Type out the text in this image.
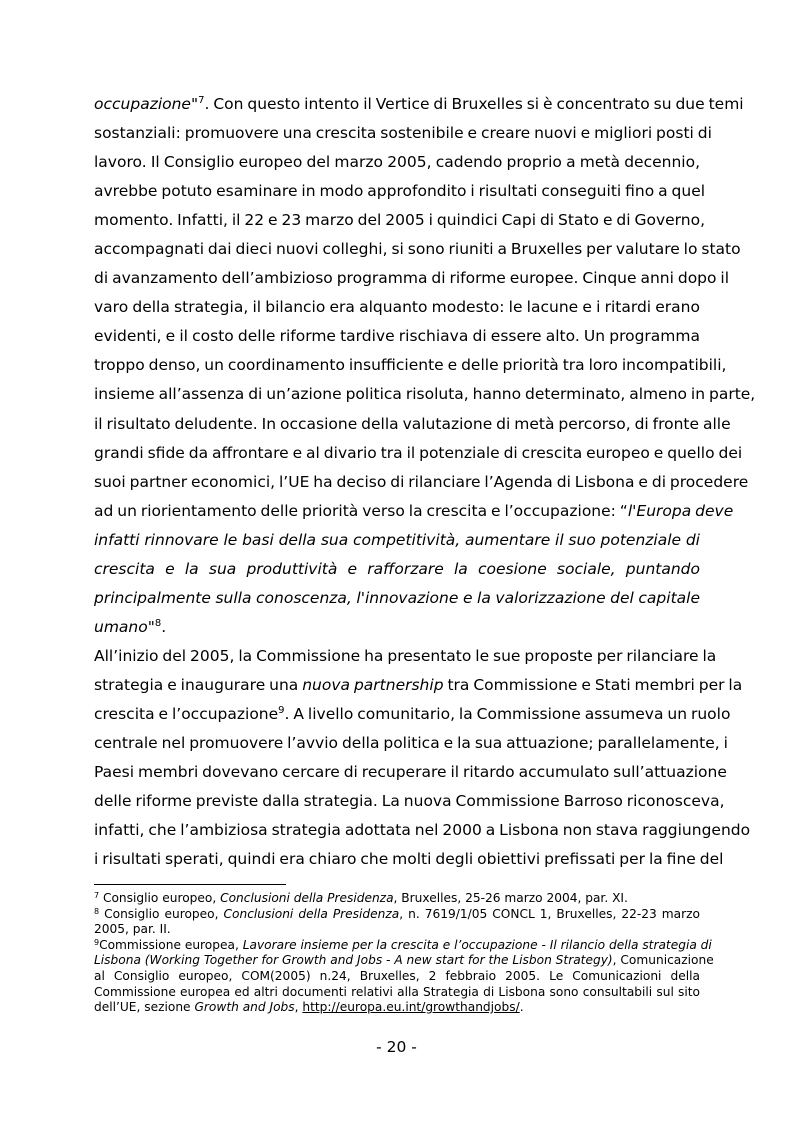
occupazione"$^7$. Con questo intento il Vertice di Bruxelles si è concentrato su due temi
sostanziali: promuovere una crescita sostenibile e creare nuovi e migliori posti di
lavoro. Il Consiglio europeo del marzo 2005, cadendo proprio a metà decennio,
avrebbe potuto esaminare in modo approfondito i risultati conseguiti fino a quel
momento. Infatti, il 22 e 23 marzo del 2005 i quindici Capi di Stato e di Governo,
accompagnati dai dieci nuovi colleghi, si sono riuniti a Bruxelles per valutare lo stato
di avanzamento dell’ambizioso programma di riforme europee. Cinque anni dopo il
varo della strategia, il bilancio era alquanto modesto: le lacune e i ritardi erano
evidenti, e il costo delle riforme tardive rischiava di essere alto. Un programma
troppo denso, un coordinamento insufficiente e delle priorità tra loro incompatibili,
insieme all’assenza di un’azione politica risoluta, hanno determinato, almeno in parte,
il risultato deludente. In occasione della valutazione di metà percorso, di fronte alle
grandi sfide da affrontare e al divario tra il potenziale di crescita europeo e quello dei
suoi partner economici, l’UE ha deciso di rilanciare l’Agenda di Lisbona e di procedere
ad un riorientamento delle priorità verso la crescita e l’occupazione: “l'Europa deve
infatti rinnovare le basi della sua competitività, aumentare il suo potenziale di
crescita e la sua produttività e rafforzare la coesione sociale, puntando
principalmente sulla conoscenza, l'innovazione e la valorizzazione del capitale
umano"$^8$.
All’inizio del 2005, la Commissione ha presentato le sue proposte per rilanciare la
strategia e inaugurare una nuova partnership tra Commissione e Stati membri per la
crescita e l’occupazione$^9$. A livello comunitario, la Commissione assumeva un ruolo
centrale nel promuovere l’avvio della politica e la sua attuazione; parallelamente, i
Paesi membri dovevano cercare di recuperare il ritardo accumulato sull’attuazione
delle riforme previste dalla strategia. La nuova Commissione Barroso riconosceva,
infatti, che l’ambiziosa strategia adottata nel 2000 a Lisbona non stava raggiungendo
i risultati sperati, quindi era chiaro che molti degli obiettivi prefissati per la fine del
$^7$ Consiglio europeo, Conclusioni della Presidenza, Bruxelles, 25-26 marzo 2004, par. XI.
$^8$ Consiglio europeo, Conclusioni della Presidenza, n. 7619/1/05 CONCL 1, Bruxelles, 22-23 marzo
2005, par. II.
$^9$Commissione europea, Lavorare insieme per la crescita e l’occupazione - Il rilancio della strategia di
Lisbona (Working Together for Growth and Jobs - A new start for the Lisbon Strategy), Comunicazione
al Consiglio europeo, COM(2005) n.24, Bruxelles, 2 febbraio 2005. Le Comunicazioni della
Commissione europea ed altri documenti relativi alla Strategia di Lisbona sono consultabili sul sito
dell’UE, sezione Growth and Jobs, http://europa.eu.int/growthandjobs/.
- 20 -
